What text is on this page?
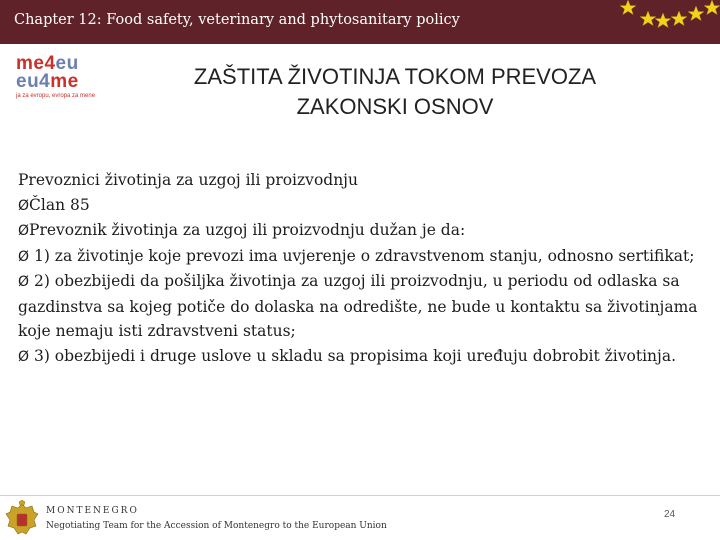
Chapter 12: Food safety, veterinary and phytosanitary policy
me4eu
eu4me
ja za evropu, evropa za mene
ZAŠTITA ŽIVOTINJA TOKOM PREVOZA
ZAKONSKI OSNOV

Prevoznici životinja za uzgoj ili proizvodnju

ØČlan 85

ØPrevoznik životinja za uzgoj ili proizvodnju dužan je da:

Ø 1) za životinje koje prevozi ima uvjerenje o zdravstvenom stanju, odnosno sertifikat;

Ø 2) obezbijedi da pošiljka životinja za uzgoj ili proizvodnju, u periodu od odlaska sa gazdinstva sa kojeg potiče do dolaska na odredište, ne bude u kontaktu sa životinjama koje nemaju isti zdravstveni status;

Ø 3) obezbijedi i druge uslove u skladu sa propisima koji uređuju dobrobit životinja.

MONTENEGRO
Negotiating Team for the Accession of Montenegro to the European Union
24
